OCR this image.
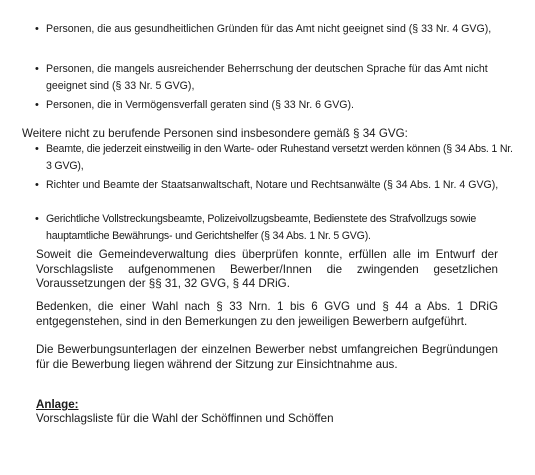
• Personen, die aus gesundheitlichen Gründen für das Amt nicht geeignet sind (§ 33 Nr. 4 GVG),
• Personen, die mangels ausreichender Beherrschung der deutschen Sprache für das Amt nicht geeignet sind (§ 33 Nr. 5 GVG),
• Personen, die in Vermögensverfall geraten sind (§ 33 Nr. 6 GVG).
Weitere nicht zu berufende Personen sind insbesondere gemäß § 34 GVG:
• Beamte, die jederzeit einstweilig in den Warte- oder Ruhestand versetzt werden können (§ 34 Abs. 1 Nr. 3 GVG),
• Richter und Beamte der Staatsanwaltschaft, Notare und Rechtsanwälte (§ 34 Abs. 1 Nr. 4 GVG),
• Gerichtliche Vollstreckungsbeamte, Polizeivollzugsbeamte, Bedienstete des Strafvollzugs sowie hauptamtliche Bewährungs- und Gerichtshelfer (§ 34 Abs. 1 Nr. 5 GVG).
Soweit die Gemeindeverwaltung dies überprüfen konnte, erfüllen alle im Entwurf der Vorschlagsliste aufgenommenen Bewerber/Innen die zwingenden gesetzlichen Voraussetzungen der §§ 31, 32 GVG, § 44 DRiG.
Bedenken, die einer Wahl nach § 33 Nrn. 1 bis 6 GVG und § 44 a Abs. 1 DRiG entgegenstehen, sind in den Bemerkungen zu den jeweiligen Bewerbern aufgeführt.
Die Bewerbungsunterlagen der einzelnen Bewerber nebst umfangreichen Begründungen für die Bewerbung liegen während der Sitzung zur Einsichtnahme aus.
Anlage:
Vorschlagsliste für die Wahl der Schöffinnen und Schöffen
